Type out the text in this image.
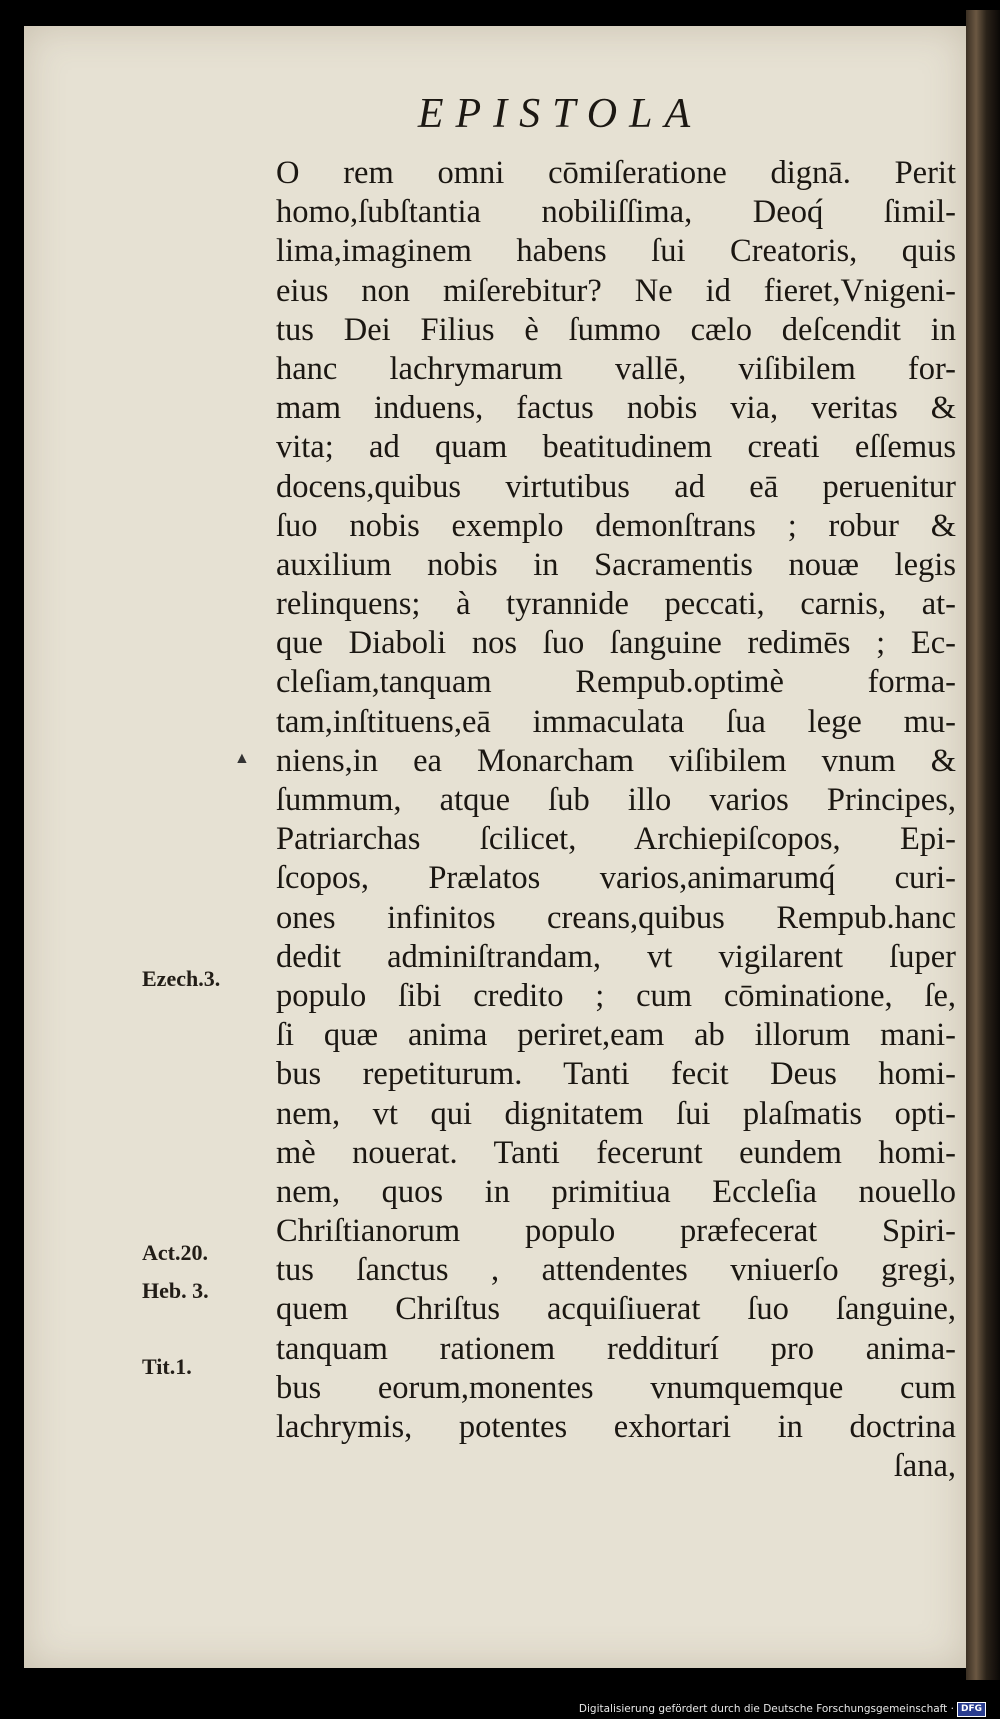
EPISTOLA
O rem omni cōmiſeratione dignā. Perit
homo,ſubſtantia nobiliſſima, Deoq́ ſimil-
lima,imaginem habens ſui Creatoris, quis
eius non miſerebitur? Ne id fieret,Vnigeni-
tus Dei Filius è ſummo cælo deſcendit in
hanc lachrymarum vallē, viſibilem for-
mam induens, factus nobis via, veritas &
vita; ad quam beatitudinem creati eſſemus
docens,quibus virtutibus ad eā peruenitur
ſuo nobis exemplo demonſtrans ; robur &
auxilium nobis in Sacramentis nouæ legis
relinquens; à tyrannide peccati, carnis, at-
que Diaboli nos ſuo ſanguine redimēs ; Ec-
cleſiam,tanquam Rempub.optimè forma-
tam,inſtituens,eā immaculata ſua lege mu-
niens,in ea Monarcham viſibilem vnum &
ſummum, atque ſub illo varios Principes,
Patriarchas ſcilicet, Archiepiſcopos, Epi-
ſcopos, Prælatos varios,animarumq́ curi-
ones infinitos creans,quibus Rempub.hanc
dedit adminiſtrandam, vt vigilarent ſuper
populo ſibi credito ; cum cōminatione, ſe,
ſi quæ anima periret,eam ab illorum mani-
bus repetiturum. Tanti fecit Deus homi-
nem, vt qui dignitatem ſui plaſmatis opti-
mè nouerat. Tanti fecerunt eundem homi-
nem, quos in primitiua Eccleſia nouello
Chriſtianorum populo præfecerat Spiri-
tus ſanctus , attendentes vniuerſo gregi,
quem Chriſtus acquiſiuerat ſuo ſanguine,
tanquam rationem redditurí pro anima-
bus eorum,monentes vnumquemque cum
lachrymis, potentes exhortari in doctrina
ſana,
▲
Ezech.3.
Act.20.
Heb. 3.
Tit.1.
Digitalisierung gefördert durch die Deutsche Forschungsgemeinschaft · DFG
